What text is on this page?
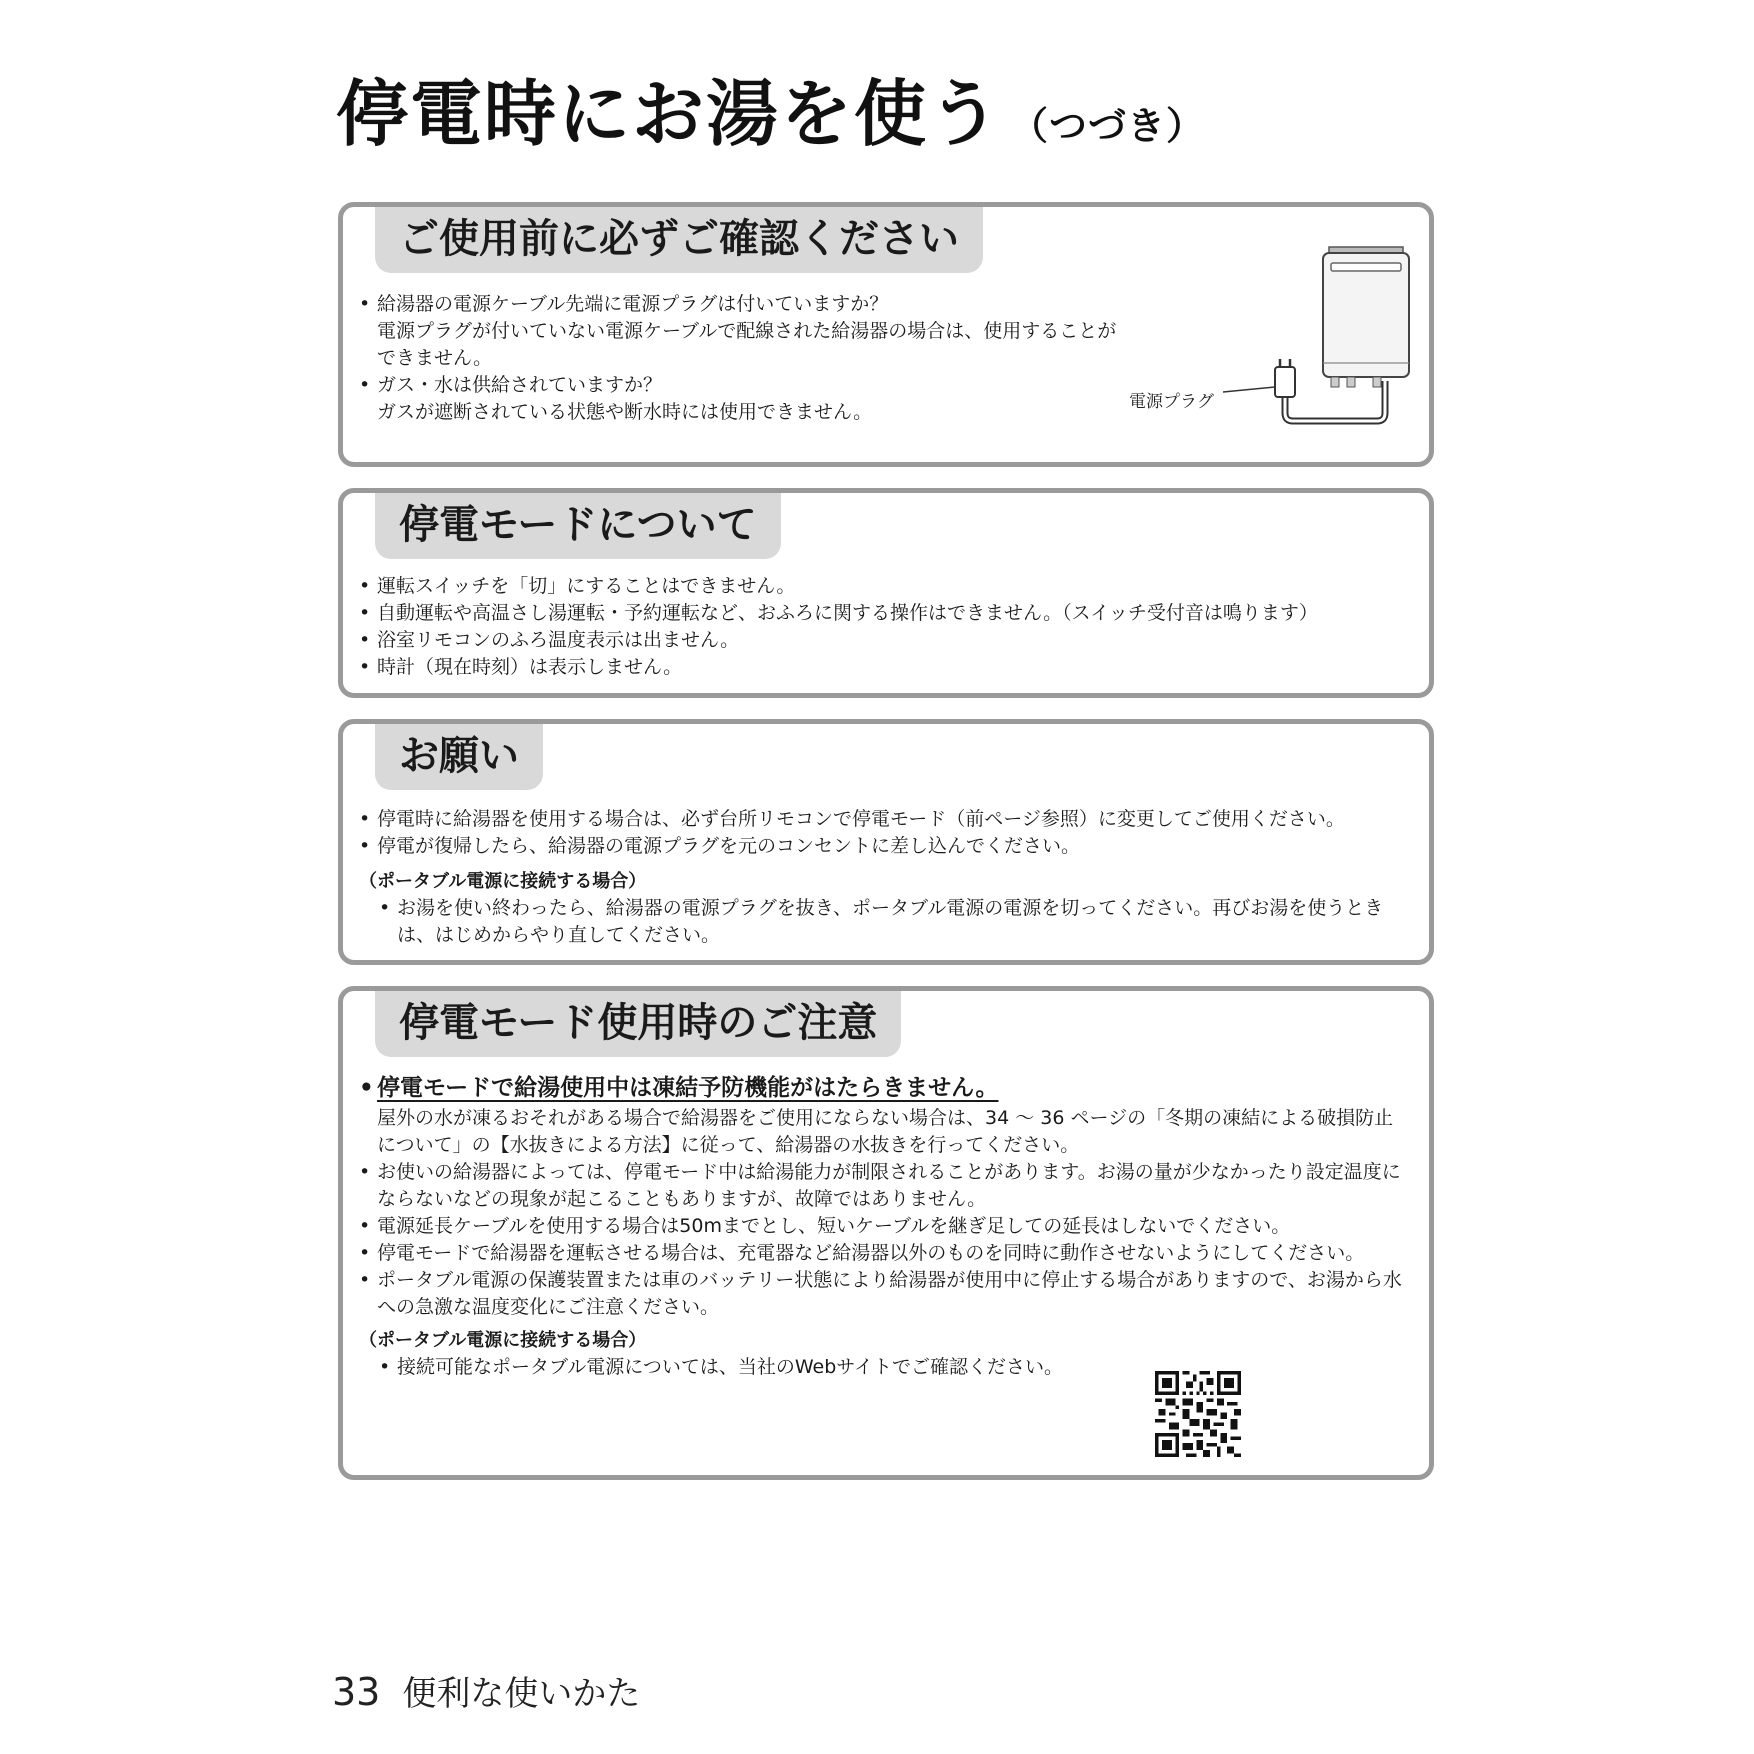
停電時にお湯を使う （つづき）
ご使用前に必ずご確認ください
• 給湯器の電源ケーブル先端に電源プラグは付いていますか？
電源プラグが付いていない電源ケーブルで配線された給湯器の場合は、使用することができません。
• ガス・水は供給されていますか？
ガスが遮断されている状態や断水時には使用できません。	電源プラグ
停電モードについて
• 運転スイッチを「切」にすることはできません。
• 自動運転や高温さし湯運転・予約運転など、おふろに関する操作はできません。（スイッチ受付音は鳴ります）
• 浴室リモコンのふろ温度表示は出ません。
• 時計（現在時刻）は表示しません。
お願い
• 停電時に給湯器を使用する場合は、必ず台所リモコンで停電モード（前ページ参照）に変更してご使用ください。
• 停電が復帰したら、給湯器の電源プラグを元のコンセントに差し込んでください。
（ポータブル電源に接続する場合）
• お湯を使い終わったら、給湯器の電源プラグを抜き、ポータブル電源の電源を切ってください。再びお湯を使うときは、はじめからやり直してください。
停電モード使用時のご注意
• 停電モードで給湯使用中は凍結予防機能がはたらきません。
屋外の水が凍るおそれがある場合で給湯器をご使用にならない場合は、34 ～ 36 ページの「冬期の凍結による破損防止について」の【水抜きによる方法】に従って、給湯器の水抜きを行ってください。
• お使いの給湯器によっては、停電モード中は給湯能力が制限されることがあります。お湯の量が少なかったり設定温度にならないなどの現象が起こることもありますが、故障ではありません。
• 電源延長ケーブルを使用する場合は50mまでとし、短いケーブルを継ぎ足しての延長はしないでください。
• 停電モードで給湯器を運転させる場合は、充電器など給湯器以外のものを同時に動作させないようにしてください。
• ポータブル電源の保護装置または車のバッテリー状態により給湯器が使用中に停止する場合がありますので、お湯から水への急激な温度変化にご注意ください。
（ポータブル電源に接続する場合）
• 接続可能なポータブル電源については、当社のWebサイトでご確認ください。
33 便利な使いかた
